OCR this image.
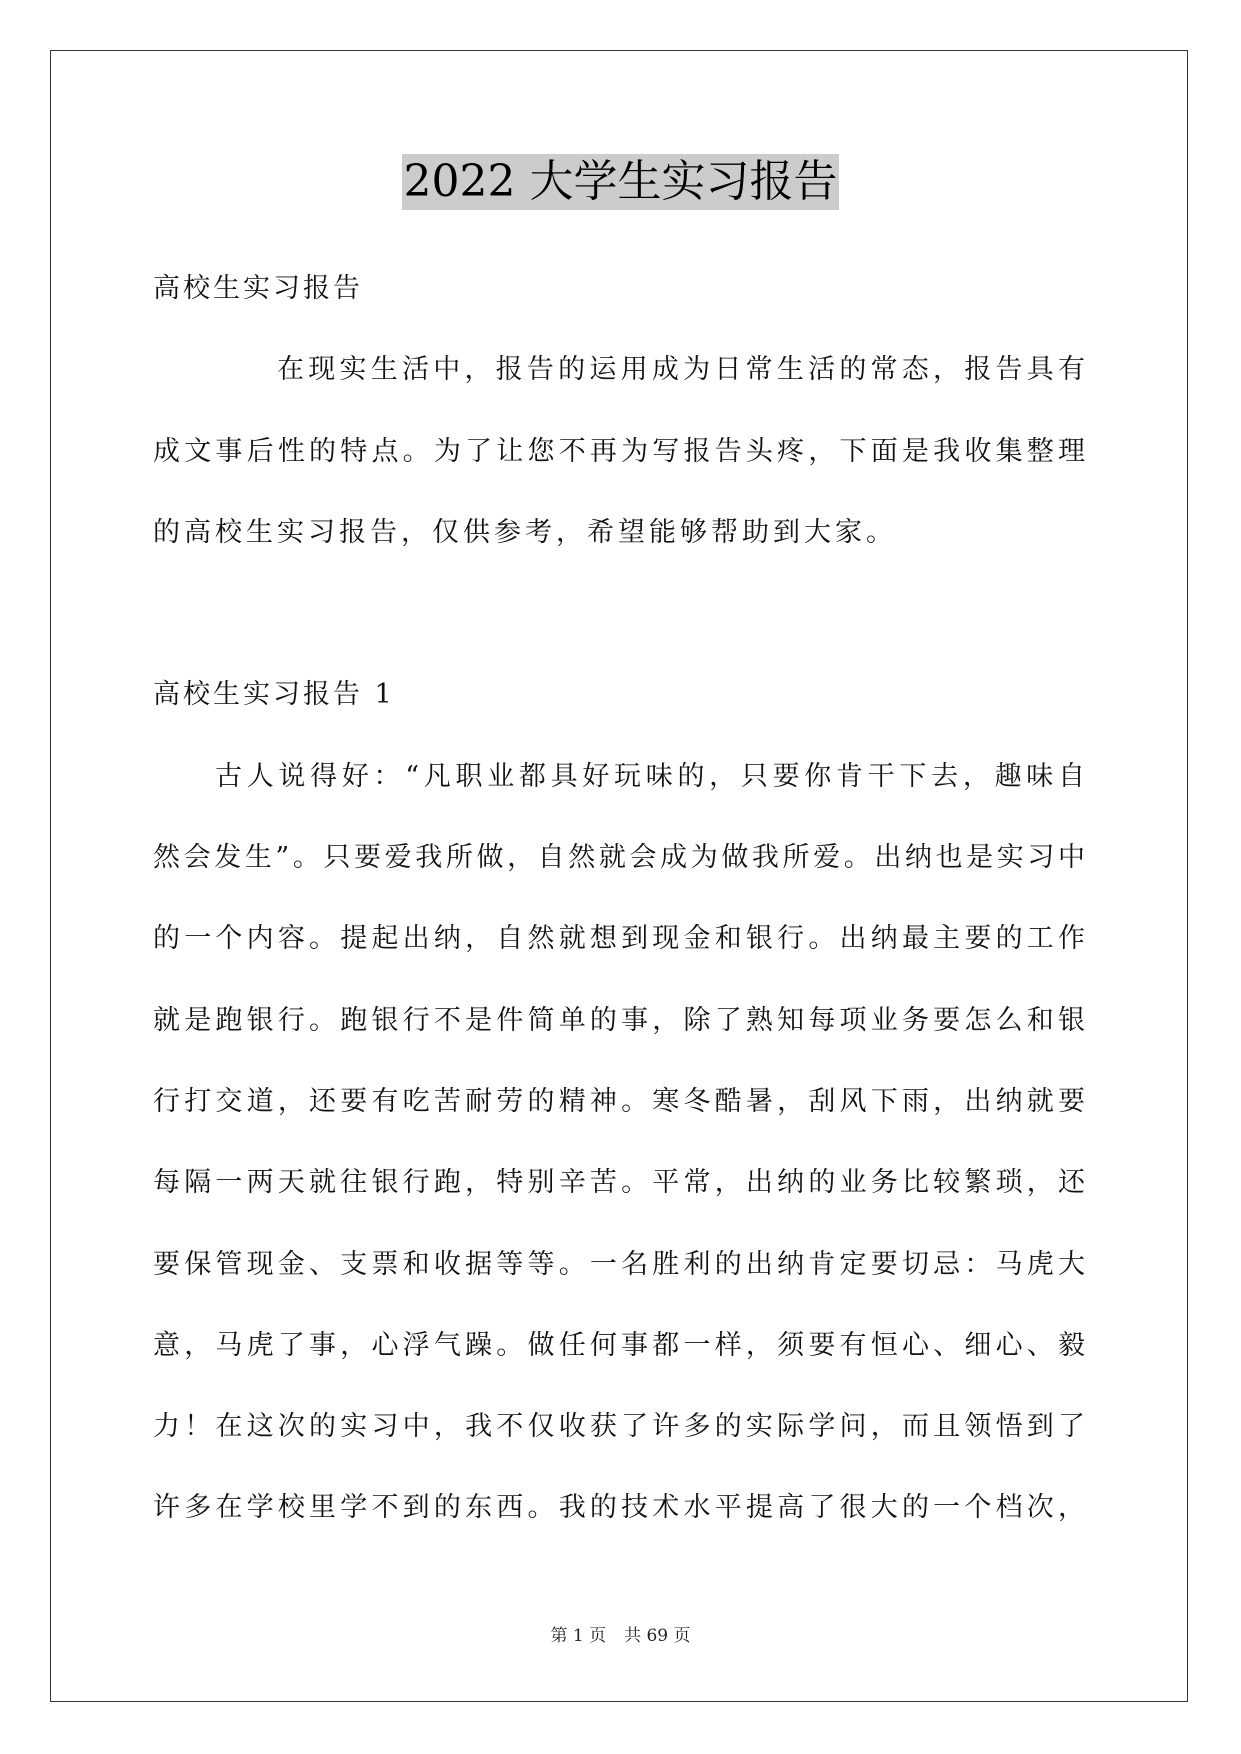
2022 大学生实习报告
高校生实习报告
在现实生活中，报告的运用成为日常生活的常态，报告具有
成文事后性的特点。为了让您不再为写报告头疼，下面是我收集整理
的高校生实习报告，仅供参考，希望能够帮助到大家。
高校生实习报告 1
古人说得好：“凡职业都具好玩味的，只要你肯干下去，趣味自
然会发生”。只要爱我所做，自然就会成为做我所爱。出纳也是实习中
的一个内容。提起出纳，自然就想到现金和银行。出纳最主要的工作
就是跑银行。跑银行不是件简单的事，除了熟知每项业务要怎么和银
行打交道，还要有吃苦耐劳的精神。寒冬酷暑，刮风下雨，出纳就要
每隔一两天就往银行跑，特别辛苦。平常，出纳的业务比较繁琐，还
要保管现金、支票和收据等等。一名胜利的出纳肯定要切忌：马虎大
意，马虎了事，心浮气躁。做任何事都一样，须要有恒心、细心、毅
力！在这次的实习中，我不仅收获了许多的实际学问，而且领悟到了
许多在学校里学不到的东西。我的技术水平提高了很大的一个档次，
第 1 页 共 69 页
